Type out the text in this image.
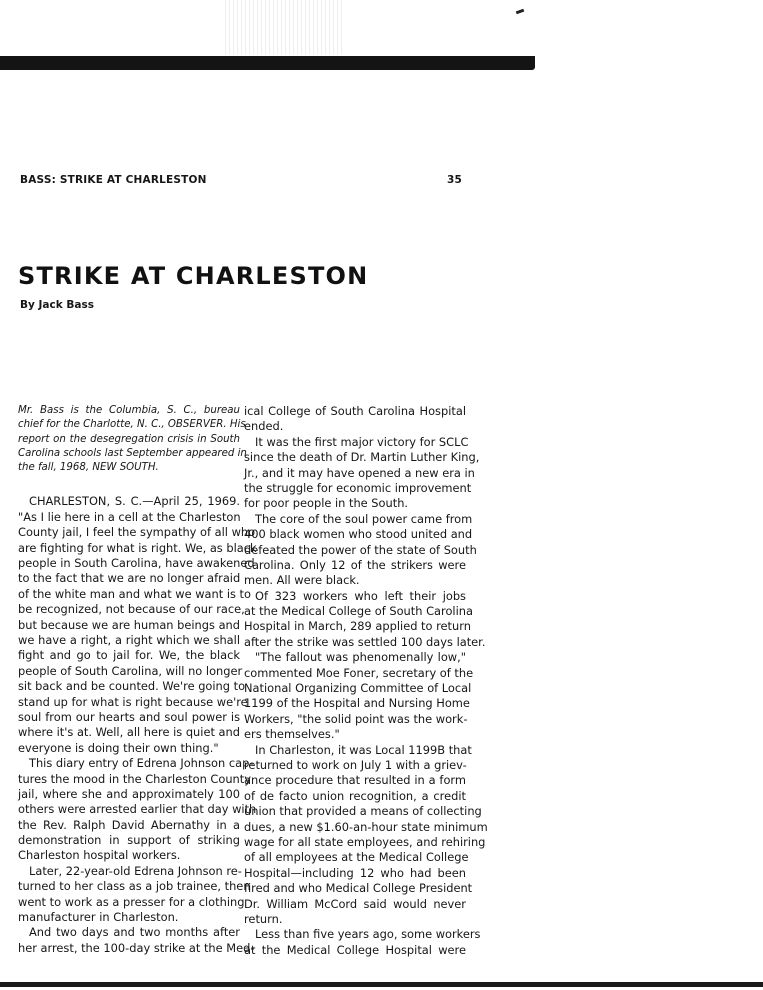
BASS: STRIKE AT CHARLESTON	35
STRIKE AT CHARLESTON
By Jack Bass
Mr. Bass is the Columbia, S. C., bureau
chief for the Charlotte, N. C., OBSERVER. His
report on the desegregation crisis in South
Carolina schools last September appeared in
the fall, 1968, NEW SOUTH.
CHARLESTON, S. C.—April 25, 1969.
"As I lie here in a cell at the Charleston
County jail, I feel the sympathy of all who
are fighting for what is right. We, as black
people in South Carolina, have awakened
to the fact that we are no longer afraid
of the white man and what we want is to
be recognized, not because of our race,
but because we are human beings and
we have a right, a right which we shall
fight and go to jail for. We, the black
people of South Carolina, will no longer
sit back and be counted. We're going to
stand up for what is right because we're
soul from our hearts and soul power is
where it's at. Well, all here is quiet and
everyone is doing their own thing."
This diary entry of Edrena Johnson cap-
tures the mood in the Charleston County
jail, where she and approximately 100
others were arrested earlier that day with
the Rev. Ralph David Abernathy in a
demonstration in support of striking
Charleston hospital workers.
Later, 22-year-old Edrena Johnson re-
turned to her class as a job trainee, then
went to work as a presser for a clothing
manufacturer in Charleston.
And two days and two months after
her arrest, the 100-day strike at the Med-
ical College of South Carolina Hospital
ended.
It was the first major victory for SCLC
since the death of Dr. Martin Luther King,
Jr., and it may have opened a new era in
the struggle for economic improvement
for poor people in the South.
The core of the soul power came from
400 black women who stood united and
defeated the power of the state of South
Carolina. Only 12 of the strikers were
men. All were black.
Of 323 workers who left their jobs
at the Medical College of South Carolina
Hospital in March, 289 applied to return
after the strike was settled 100 days later.
"The fallout was phenomenally low,"
commented Moe Foner, secretary of the
National Organizing Committee of Local
1199 of the Hospital and Nursing Home
Workers, "the solid point was the work-
ers themselves."
In Charleston, it was Local 1199B that
returned to work on July 1 with a griev-
ance procedure that resulted in a form
of de facto union recognition, a credit
union that provided a means of collecting
dues, a new $1.60-an-hour state minimum
wage for all state employees, and rehiring
of all employees at the Medical College
Hospital—including 12 who had been
fired and who Medical College President
Dr. William McCord said would never
return.
Less than five years ago, some workers
at the Medical College Hospital were
